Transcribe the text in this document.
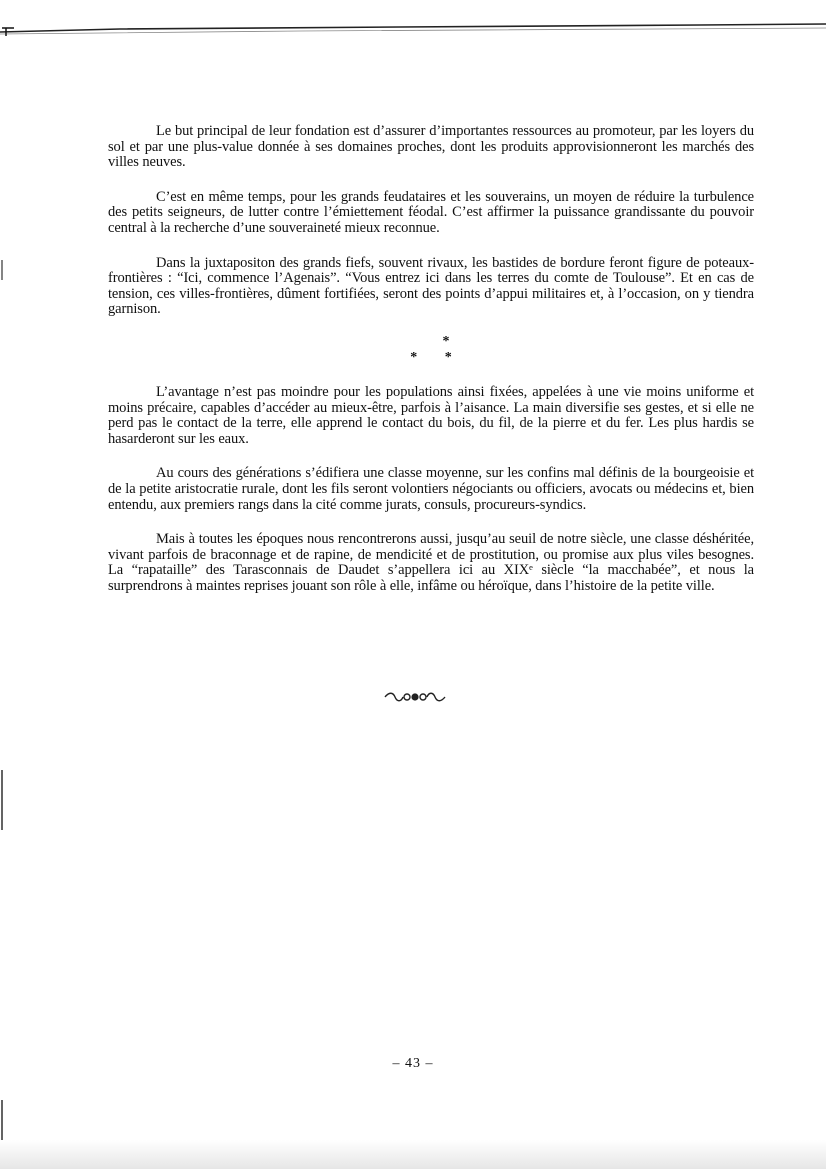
Le but principal de leur fondation est d’assurer d’importantes ressources au promoteur, par les loyers du sol et par une plus-value donnée à ses domaines proches, dont les produits approvisionneront les marchés des villes neuves.

C’est en même temps, pour les grands feudataires et les souverains, un moyen de réduire la turbulence des petits seigneurs, de lutter contre l’émiettement féodal. C’est affirmer la puissance grandissante du pouvoir central à la recherche d’une souveraineté mieux reconnue.

Dans la juxtapositon des grands fiefs, souvent rivaux, les bastides de bordure feront figure de poteaux-frontières : “Ici, commence l’Agenais”. “Vous entrez ici dans les terres du comte de Toulouse”. Et en cas de tension, ces villes-frontières, dûment fortifiées, seront des points d’appui militaires et, à l’occasion, on y tiendra garnison.

*
* *

L’avantage n’est pas moindre pour les populations ainsi fixées, appelées à une vie moins uniforme et moins précaire, capables d’accéder au mieux-être, parfois à l’aisance. La main diversifie ses gestes, et si elle ne perd pas le contact de la terre, elle apprend le contact du bois, du fil, de la pierre et du fer. Les plus hardis se hasarderont sur les eaux.

Au cours des générations s’édifiera une classe moyenne, sur les confins mal définis de la bourgeoisie et de la petite aristocratie rurale, dont les fils seront volontiers négociants ou officiers, avocats ou médecins et, bien entendu, aux premiers rangs dans la cité comme jurats, consuls, procureurs-syndics.

Mais à toutes les époques nous rencontrerons aussi, jusqu’au seuil de notre siècle, une classe déshéritée, vivant parfois de braconnage et de rapine, de mendicité et de prostitution, ou promise aux plus viles besognes. La “rapataille” des Tarasconnais de Daudet s’appellera ici au XIXᵉ siècle “la macchabée”, et nous la surprendrons à maintes reprises jouant son rôle à elle, infâme ou héroïque, dans l’histoire de la petite ville.

– 43 –
